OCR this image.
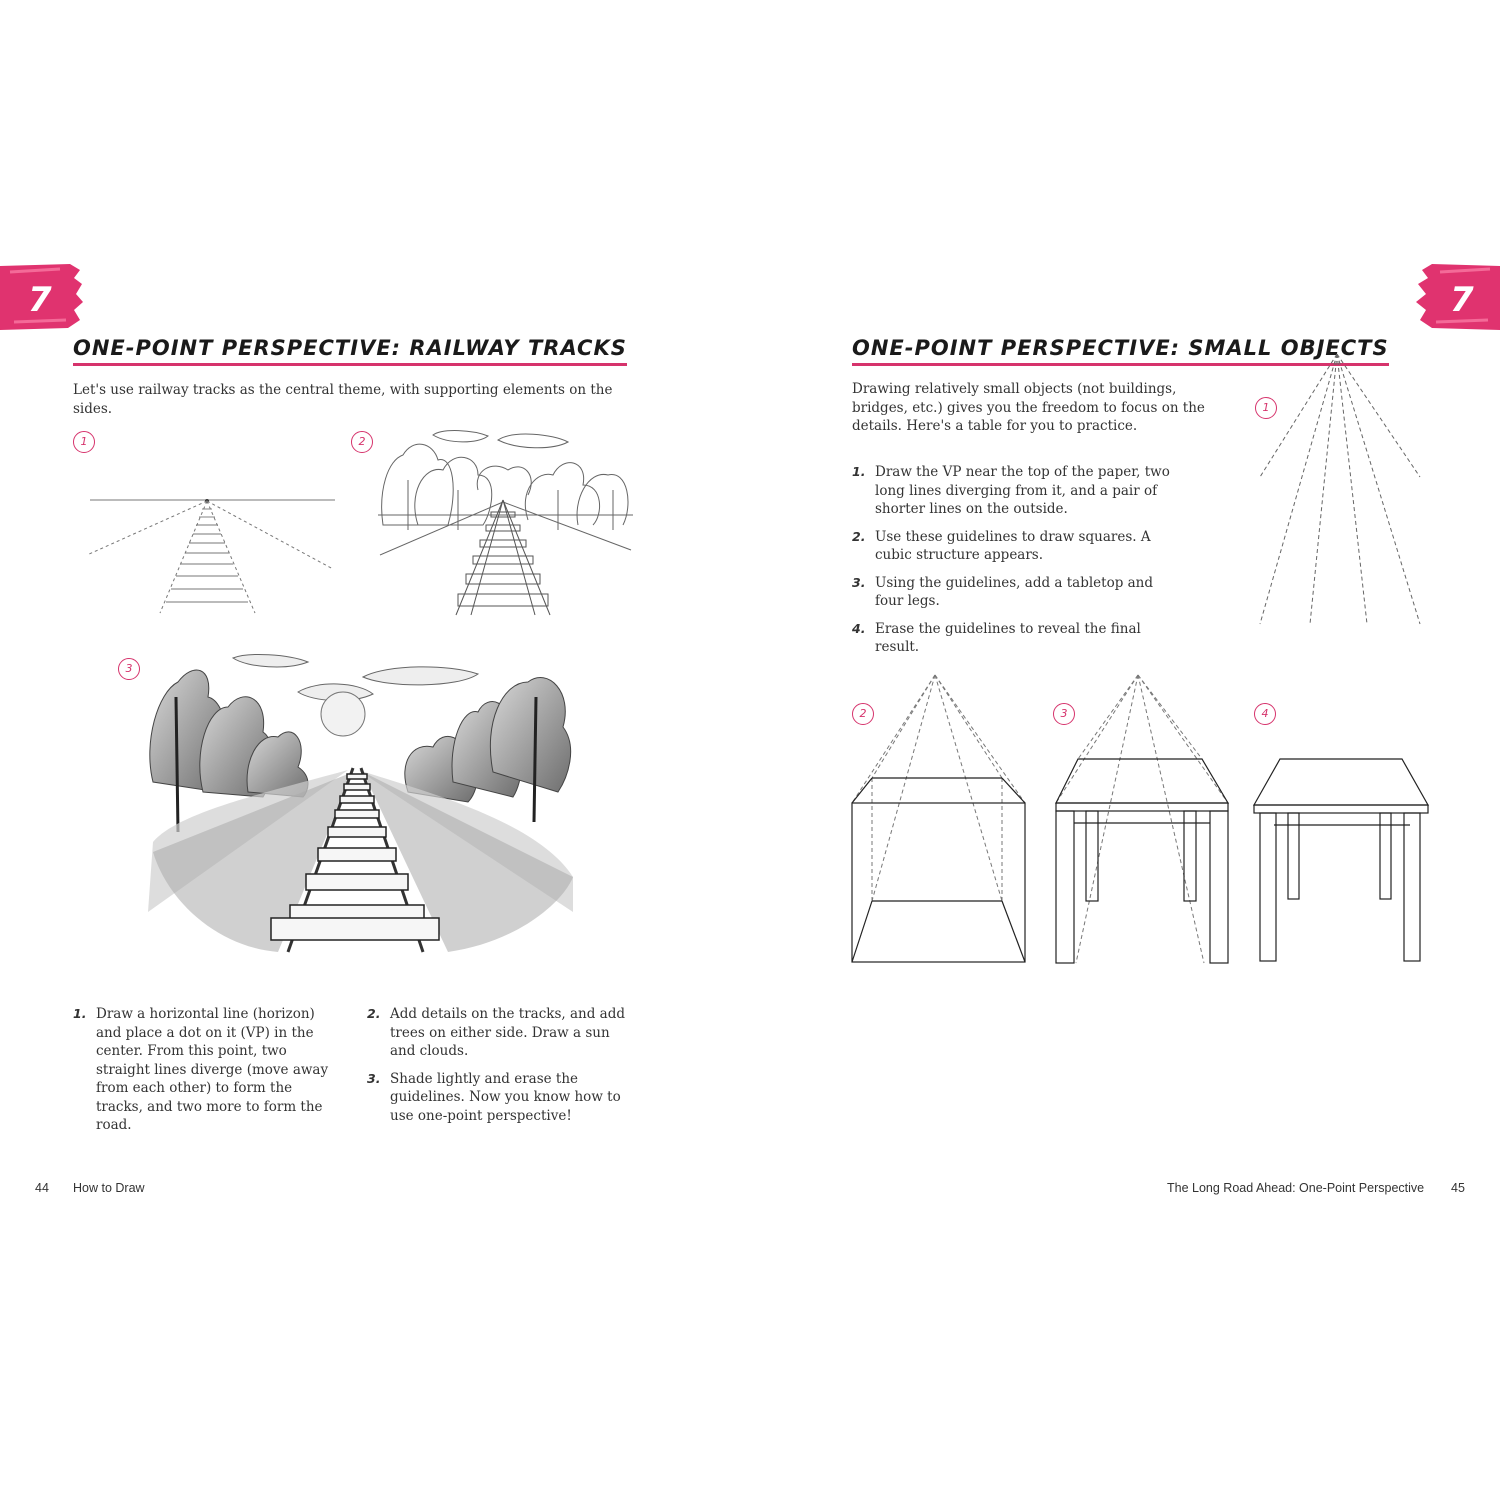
7
ONE-POINT PERSPECTIVE: RAILWAY TRACKS
Let's use railway tracks as the central theme, with supporting elements on the sides.
1	2
3
1. Draw a horizontal line (horizon) and place a dot on it (VP) in the center. From this point, two straight lines diverge (move away from each other) to form the tracks, and two more to form the road.
2. Add details on the tracks, and add trees on either side. Draw a sun and clouds.
3. Shade lightly and erase the guidelines. Now you know how to use one-point perspective!
44 How to Draw
7
ONE-POINT PERSPECTIVE: SMALL OBJECTS
Drawing relatively small objects (not buildings, bridges, etc.) gives you the freedom to focus on the details. Here's a table for you to practice.
1. Draw the VP near the top of the paper, two long lines diverging from it, and a pair of shorter lines on the outside.
2. Use these guidelines to draw squares. A cubic structure appears.
3. Using the guidelines, add a tabletop and four legs.
4. Erase the guidelines to reveal the final result.
1
2	3	4
The Long Road Ahead: One-Point Perspective 45
